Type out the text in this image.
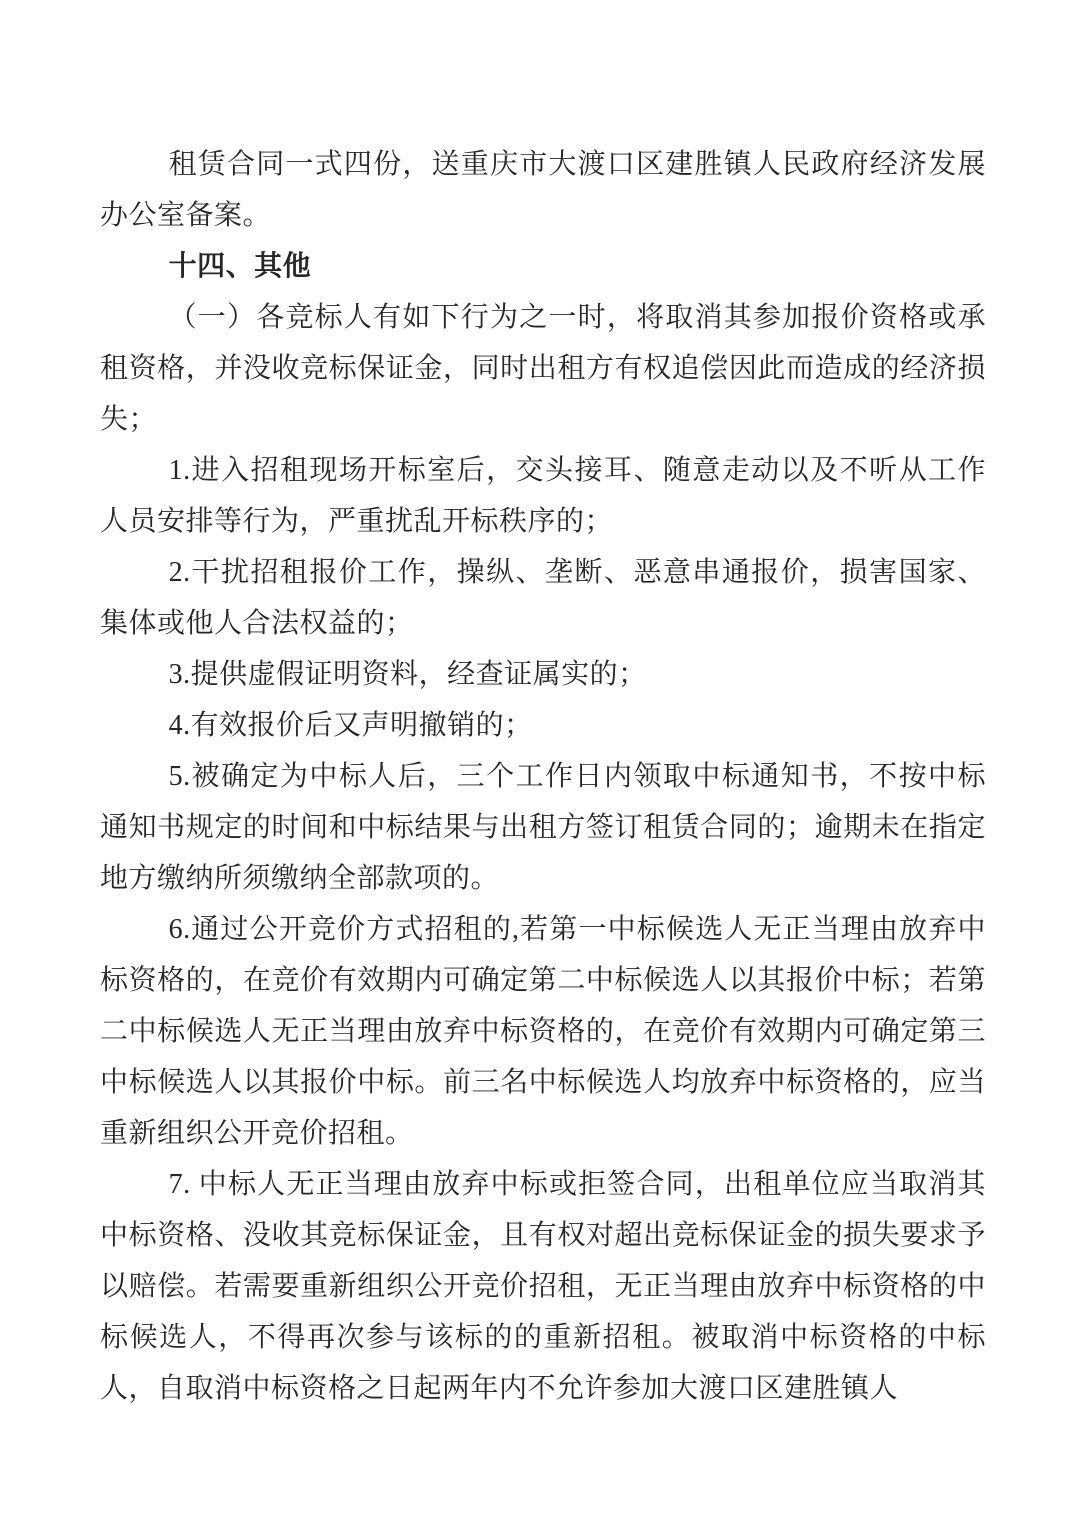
租赁合同一式四份，送重庆市大渡口区建胜镇人民政府经济发展办公室备案。

十四、其他

（一）各竞标人有如下行为之一时，将取消其参加报价资格或承租资格，并没收竞标保证金，同时出租方有权追偿因此而造成的经济损失；

1.进入招租现场开标室后，交头接耳、随意走动以及不听从工作人员安排等行为，严重扰乱开标秩序的；

2.干扰招租报价工作，操纵、垄断、恶意串通报价，损害国家、集体或他人合法权益的；

3.提供虚假证明资料，经查证属实的；

4.有效报价后又声明撤销的；

5.被确定为中标人后，三个工作日内领取中标通知书，不按中标通知书规定的时间和中标结果与出租方签订租赁合同的；逾期未在指定地方缴纳所须缴纳全部款项的。

6.通过公开竞价方式招租的,若第一中标候选人无正当理由放弃中标资格的，在竞价有效期内可确定第二中标候选人以其报价中标；若第二中标候选人无正当理由放弃中标资格的，在竞价有效期内可确定第三中标候选人以其报价中标。前三名中标候选人均放弃中标资格的，应当重新组织公开竞价招租。

7. 中标人无正当理由放弃中标或拒签合同，出租单位应当取消其中标资格、没收其竞标保证金，且有权对超出竞标保证金的损失要求予以赔偿。若需要重新组织公开竞价招租，无正当理由放弃中标资格的中标候选人，不得再次参与该标的的重新招租。被取消中标资格的中标人，自取消中标资格之日起两年内不允许参加大渡口区建胜镇人
